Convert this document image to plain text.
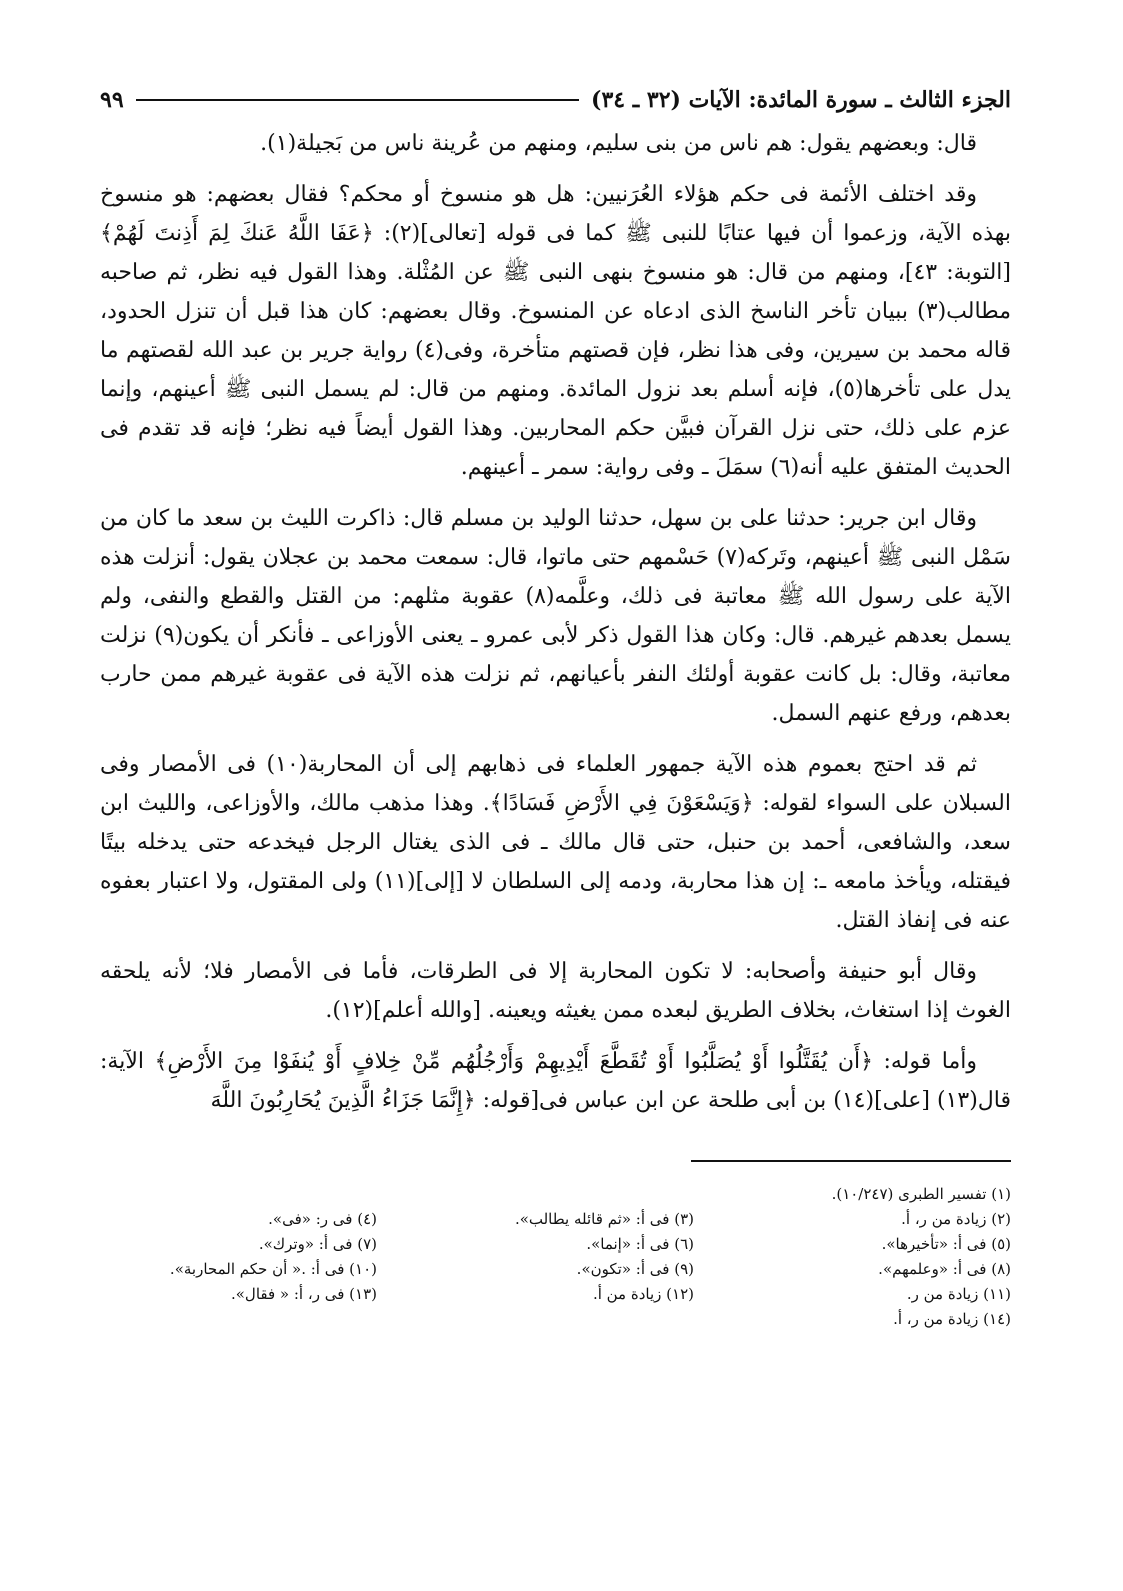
الجزء الثالث ـ سورة المائدة: الآيات (٣٢ ـ ٣٤)
٩٩

قال: وبعضهم يقول: هم ناس من بنى سليم، ومنهم من عُرينة ناس من بَجيلة(١).

وقد اختلف الأئمة فى حكم هؤلاء العُرَنيين: هل هو منسوخ أو محكم؟ فقال بعضهم: هو منسوخ بهذه الآية، وزعموا أن فيها عتابًا للنبى ﷺ كما فى قوله [تعالى](٢): ﴿عَفَا اللَّهُ عَنكَ لِمَ أَذِنتَ لَهُمْ﴾ [التوبة: ٤٣]، ومنهم من قال: هو منسوخ بنهى النبى ﷺ عن المُثْلة. وهذا القول فيه نظر، ثم صاحبه مطالب(٣) ببيان تأخر الناسخ الذى ادعاه عن المنسوخ. وقال بعضهم: كان هذا قبل أن تنزل الحدود، قاله محمد بن سيرين، وفى هذا نظر، فإن قصتهم متأخرة، وفى(٤) رواية جرير بن عبد الله لقصتهم ما يدل على تأخرها(٥)، فإنه أسلم بعد نزول المائدة. ومنهم من قال: لم يسمل النبى ﷺ أعينهم، وإنما عزم على ذلك، حتى نزل القرآن فبيَّن حكم المحاربين. وهذا القول أيضاً فيه نظر؛ فإنه قد تقدم فى الحديث المتفق عليه أنه(٦) سمَلَ ـ وفى رواية: سمر ـ أعينهم.

وقال ابن جرير: حدثنا على بن سهل، حدثنا الوليد بن مسلم قال: ذاكرت الليث بن سعد ما كان من سَمْل النبى ﷺ أعينهم، وتَركه(٧) حَسْمهم حتى ماتوا، قال: سمعت محمد بن عجلان يقول: أنزلت هذه الآية على رسول الله ﷺ معاتبة فى ذلك، وعلَّمه(٨) عقوبة مثلهم: من القتل والقطع والنفى، ولم يسمل بعدهم غيرهم. قال: وكان هذا القول ذكر لأبى عمرو ـ يعنى الأوزاعى ـ فأنكر أن يكون(٩) نزلت معاتبة، وقال: بل كانت عقوبة أولئك النفر بأعيانهم، ثم نزلت هذه الآية فى عقوبة غيرهم ممن حارب بعدهم، ورفع عنهم السمل.

ثم قد احتج بعموم هذه الآية جمهور العلماء فى ذهابهم إلى أن المحاربة(١٠) فى الأمصار وفى السبلان على السواء لقوله: ﴿وَيَسْعَوْنَ فِي الأَرْضِ فَسَادًا﴾. وهذا مذهب مالك، والأوزاعى، والليث ابن سعد، والشافعى، أحمد بن حنبل، حتى قال مالك ـ فى الذى يغتال الرجل فيخدعه حتى يدخله بيتًا فيقتله، ويأخذ مامعه ـ: إن هذا محاربة، ودمه إلى السلطان لا [إلى](١١) ولى المقتول، ولا اعتبار بعفوه عنه فى إنفاذ القتل.

وقال أبو حنيفة وأصحابه: لا تكون المحاربة إلا فى الطرقات، فأما فى الأمصار فلا؛ لأنه يلحقه الغوث إذا استغاث، بخلاف الطريق لبعده ممن يغيثه ويعينه. [والله أعلم](١٢).

وأما قوله: ﴿أَن يُقَتَّلُوا أَوْ يُصَلَّبُوا أَوْ تُقَطَّعَ أَيْدِيهِمْ وَأَرْجُلُهُم مِّنْ خِلافٍ أَوْ يُنفَوْا مِنَ الأَرْضِ﴾ الآية: قال(١٣) [على](١٤) بن أبى طلحة عن ابن عباس فى[قوله: ﴿إِنَّمَا جَزَاءُ الَّذِينَ يُحَارِبُونَ اللَّهَ

(١) تفسير الطبرى (١٠/٢٤٧).
(٢) زيادة من ر، أ.
(٣) فى أ: «ثم قائله يطالب».
(٤) فى ر: «فى».
(٥) فى أ: «تأخيرها».
(٦) فى أ: «إنما».
(٧) فى أ: «وترك».
(٨) فى أ: «وعلمهم».
(٩) فى أ: «تكون».
(١٠) فى أ: .« أن حكم المحاربة».
(١١) زيادة من ر.
(١٢) زيادة من أ.
(١٣) فى ر، أ: « فقال».
(١٤) زيادة من ر، أ.
